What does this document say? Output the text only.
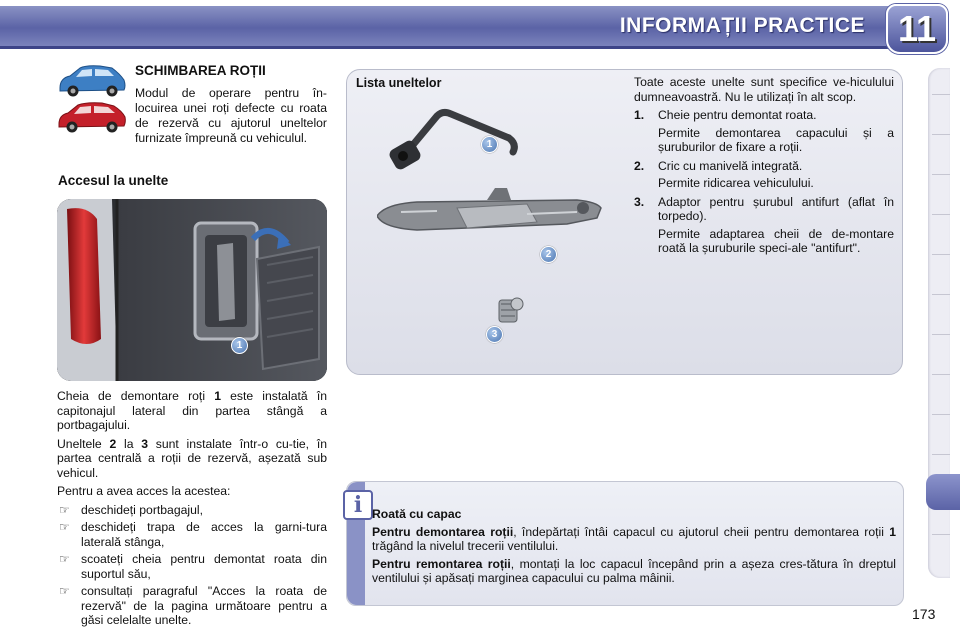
INFORMAȚII PRACTICE 11
SCHIMBAREA ROȚII
Modul de operare pentru în-locuirea unei roți defecte cu roata de rezervă cu ajutorul uneltelor furnizate împreună cu vehiculul.
Accesul la unelte
1

Cheia de demontare roți 1 este instalată în capitonajul lateral din partea stângă a portbagajului.

Uneltele 2 la 3 sunt instalate într-o cu-tie, în partea centrală a roții de rezervă, așezată sub vehicul.

Pentru a avea acces la acestea:

☞ deschideți portbagajul,
☞ deschideți trapa de acces la garni-tura laterală stânga,
☞ scoateți cheia pentru demontat roata din suportul său,
☞ consultați paragraful "Acces la roata de rezervă" de la pagina următoare pentru a găsi celelalte unelte.
Lista uneltelor
1
2
3

Toate aceste unelte sunt specifice ve-hiculului dumneavoastră. Nu le utilizați în alt scop.

1. Cheie pentru demontat roata.
Permite demontarea capacului și a șuruburilor de fixare a roții.
2. Cric cu manivelă integrată.
Permite ridicarea vehiculului.
3. Adaptor pentru șurubul antifurt (aflat în torpedo).
Permite adaptarea cheii de de-montare roată la șuruburile speci-ale "antifurt".
i Roată cu capac

Pentru demontarea roții, îndepărtați întâi capacul cu ajutorul cheii pentru demontarea roții 1 trăgând la nivelul trecerii ventilului.

Pentru remontarea roții, montați la loc capacul începând prin a așeza cres-tătura în dreptul ventilului și apăsați marginea capacului cu palma mâinii.

173
